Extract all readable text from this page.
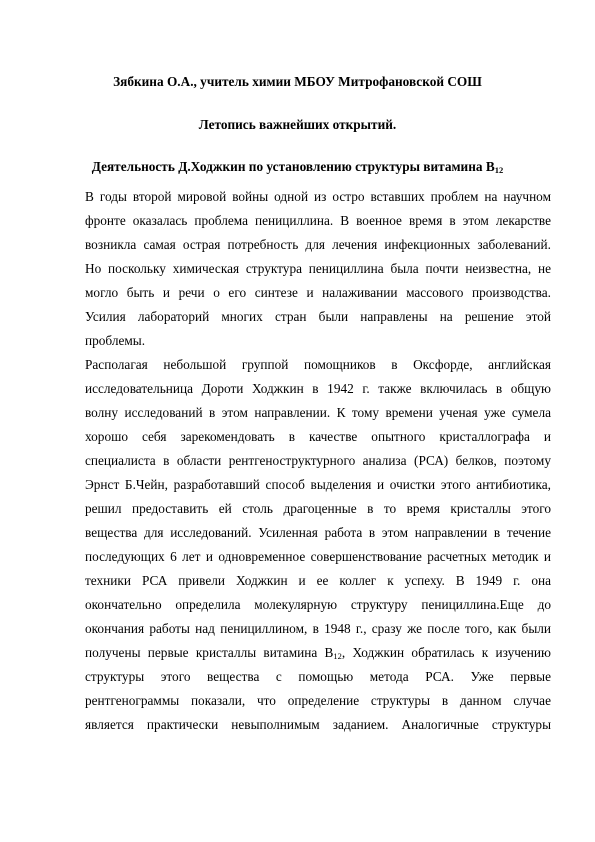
Зябкина О.А., учитель химии МБОУ Митрофановской СОШ
Летопись важнейших открытий.
Деятельность Д.Ходжкин по установлению структуры витамина $В_{12}$
В годы второй мировой войны одной из остро вставших проблем на научном
фронте оказалась проблема пенициллина. В военное время в этом лекарстве
возникла самая острая потребность для лечения инфекционных заболеваний.
Но поскольку химическая структура пенициллина была почти неизвестна, не
могло быть и речи о его синтезе и налаживании массового производства.
Усилия лабораторий многих стран были направлены на решение этой
проблемы.
Располагая небольшой группой помощников в Оксфорде, английская
исследовательница Дороти Ходжкин в 1942 г. также включилась в общую
волну исследований в этом направлении. К тому времени ученая уже сумела
хорошо себя зарекомендовать в качестве опытного кристаллографа и
специалиста в области рентгеноструктурного анализа (РСА) белков, поэтому
Эрнст Б.Чейн, разработавший способ выделения и очистки этого антибиотика,
решил предоставить ей столь драгоценные в то время кристаллы этого
вещества для исследований. Усиленная работа в этом направлении в течение
последующих 6 лет и одновременное совершенствование расчетных методик и
техники РСА привели Ходжкин и ее коллег к успеху. В 1949 г. она
окончательно определила молекулярную структуру пенициллина.Еще до
окончания работы над пенициллином, в 1948 г., сразу же после того, как были
получены первые кристаллы витамина $В_{12}$, Ходжкин обратилась к изучению
структуры этого вещества с помощью метода РСА. Уже первые
рентгенограммы показали, что определение структуры в данном случае
является практически невыполнимым заданием. Аналогичные структуры
